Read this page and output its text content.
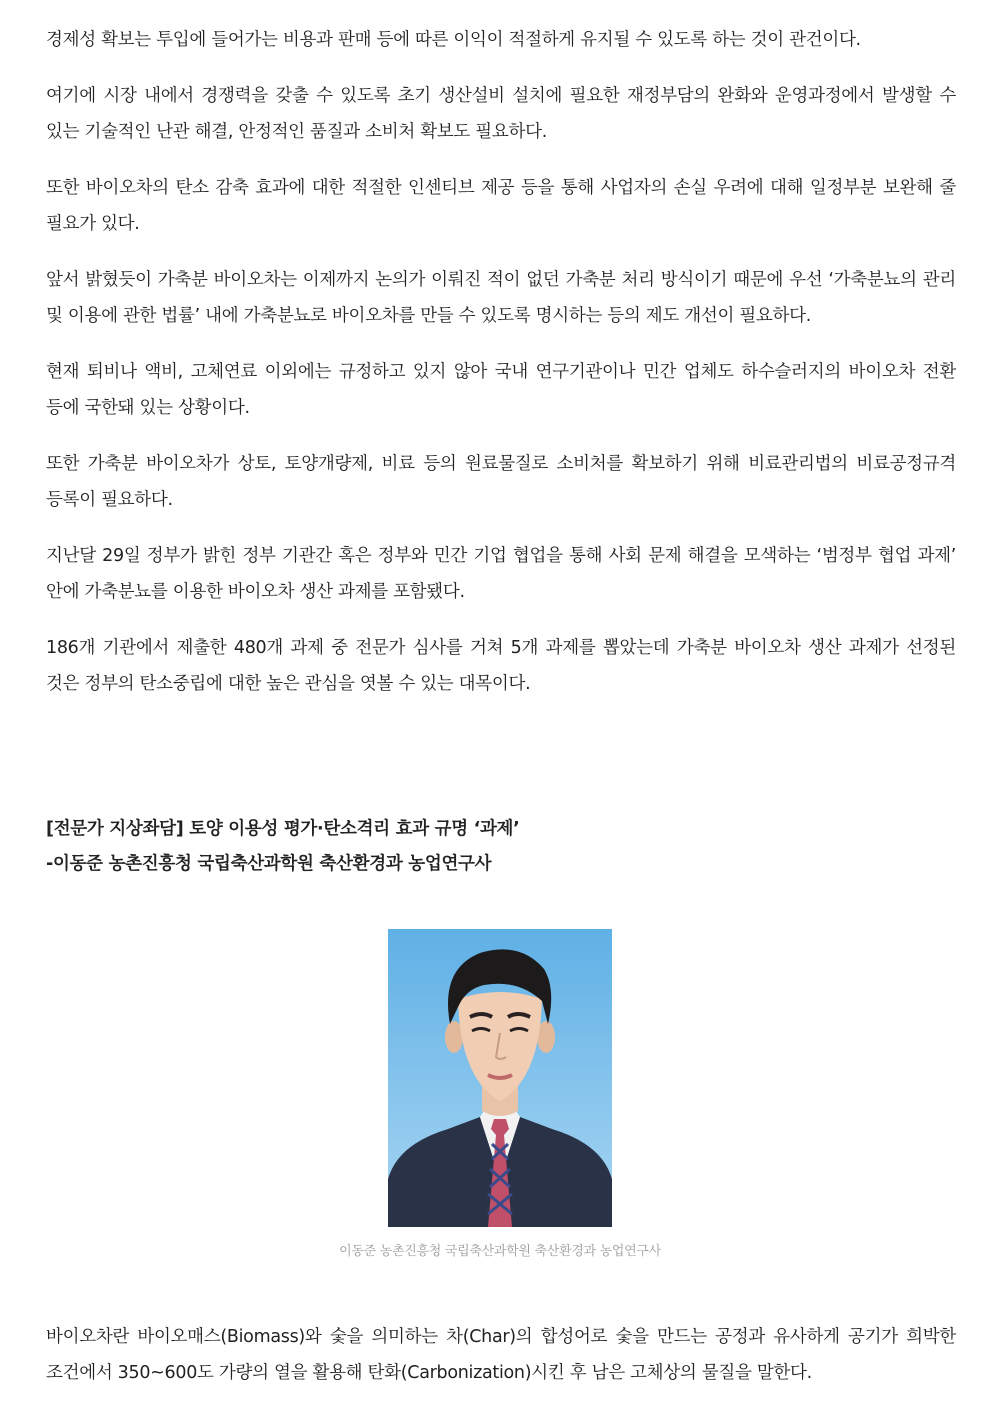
경제성 확보는 투입에 들어가는 비용과 판매 등에 따른 이익이 적절하게 유지될 수 있도록 하는 것이 관건이다.

여기에 시장 내에서 경쟁력을 갖출 수 있도록 초기 생산설비 설치에 필요한 재정부담의 완화와 운영과정에서 발생할 수 있는 기술적인 난관 해결, 안정적인 품질과 소비처 확보도 필요하다.

또한 바이오차의 탄소 감축 효과에 대한 적절한 인센티브 제공 등을 통해 사업자의 손실 우려에 대해 일정부분 보완해 줄 필요가 있다.

앞서 밝혔듯이 가축분 바이오차는 이제까지 논의가 이뤄진 적이 없던 가축분 처리 방식이기 때문에 우선 ‘가축분뇨의 관리 및 이용에 관한 법률’ 내에 가축분뇨로 바이오차를 만들 수 있도록 명시하는 등의 제도 개선이 필요하다.

현재 퇴비나 액비, 고체연료 이외에는 규정하고 있지 않아 국내 연구기관이나 민간 업체도 하수슬러지의 바이오차 전환 등에 국한돼 있는 상황이다.

또한 가축분 바이오차가 상토, 토양개량제, 비료 등의 원료물질로 소비처를 확보하기 위해 비료관리법의 비료공정규격 등록이 필요하다.

지난달 29일 정부가 밝힌 정부 기관간 혹은 정부와 민간 기업 협업을 통해 사회 문제 해결을 모색하는 ‘범정부 협업 과제’ 안에 가축분뇨를 이용한 바이오차 생산 과제를 포함됐다.

186개 기관에서 제출한 480개 과제 중 전문가 심사를 거쳐 5개 과제를 뽑았는데 가축분 바이오차 생산 과제가 선정된 것은 정부의 탄소중립에 대한 높은 관심을 엿볼 수 있는 대목이다.

[전문가 지상좌담] 토양 이용성 평가·탄소격리 효과 규명 ‘과제’
-이동준 농촌진흥청 국립축산과학원 축산환경과 농업연구사
이동준 농촌진흥청 국립축산과학원 축산환경과 농업연구사

바이오차란 바이오매스(Biomass)와 숯을 의미하는 차(Char)의 합성어로 숯을 만드는 공정과 유사하게 공기가 희박한 조건에서 350~600도 가량의 열을 활용해 탄화(Carbonization)시킨 후 남은 고체상의 물질을 말한다.
